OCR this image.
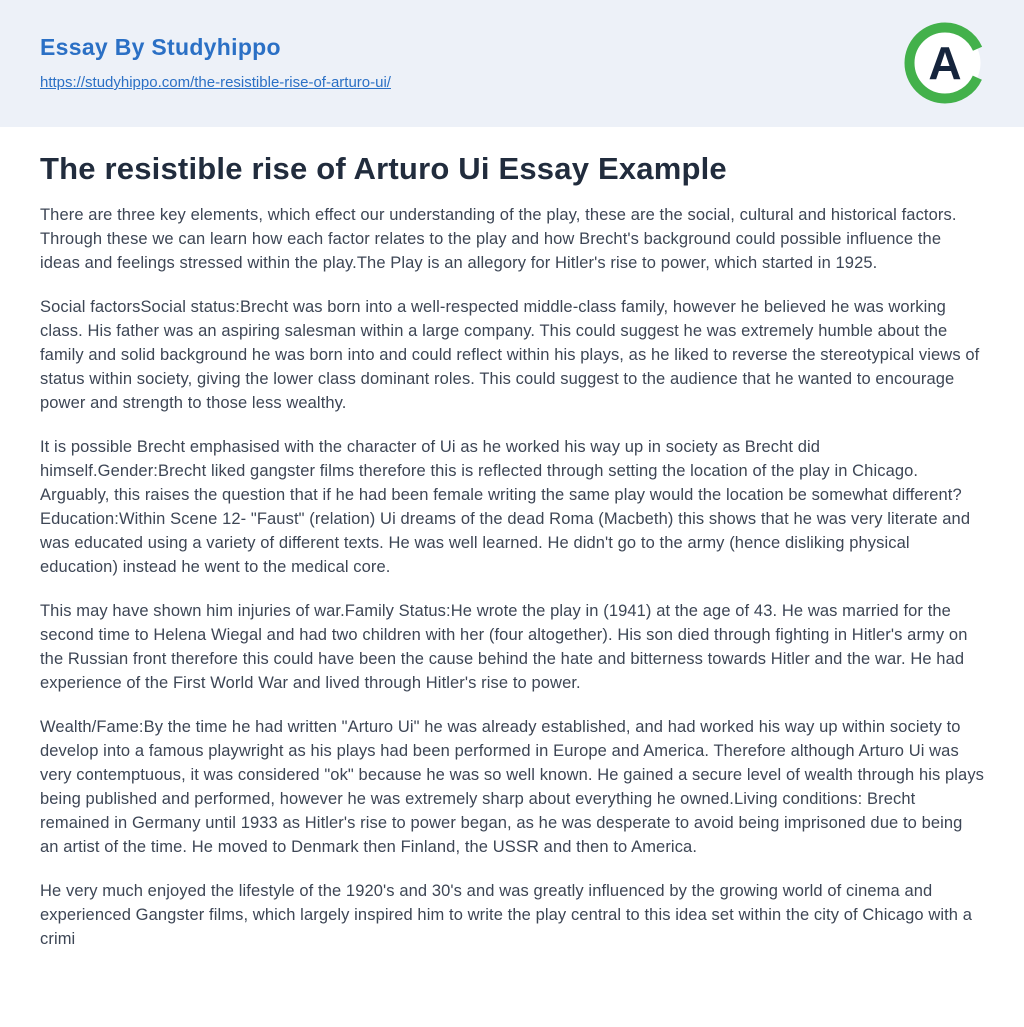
Essay By Studyhippo
https://studyhippo.com/the-resistible-rise-of-arturo-ui/	A
The resistible rise of Arturo Ui Essay Example

There are three key elements, which effect our understanding of the play, these are the social, cultural and historical factors. Through these we can learn how each factor relates to the play and how Brecht's background could possible influence the ideas and feelings stressed within the play.The Play is an allegory for Hitler's rise to power, which started in 1925.

Social factorsSocial status:Brecht was born into a well-respected middle-class family, however he believed he was working class. His father was an aspiring salesman within a large company. This could suggest he was extremely humble about the family and solid background he was born into and could reflect within his plays, as he liked to reverse the stereotypical views of status within society, giving the lower class dominant roles. This could suggest to the audience that he wanted to encourage power and strength to those less wealthy.

It is possible Brecht emphasised with the character of Ui as he worked his way up in society as Brecht did himself.Gender:Brecht liked gangster films therefore this is reflected through setting the location of the play in Chicago. Arguably, this raises the question that if he had been female writing the same play would the location be somewhat different?Education:Within Scene 12- "Faust" (relation) Ui dreams of the dead Roma (Macbeth) this shows that he was very literate and was educated using a variety of different texts. He was well learned. He didn't go to the army (hence disliking physical education) instead he went to the medical core.

This may have shown him injuries of war.Family Status:He wrote the play in (1941) at the age of 43. He was married for the second time to Helena Wiegal and had two children with her (four altogether). His son died through fighting in Hitler's army on the Russian front therefore this could have been the cause behind the hate and bitterness towards Hitler and the war. He had experience of the First World War and lived through Hitler's rise to power.

Wealth/Fame:By the time he had written "Arturo Ui" he was already established, and had worked his way up within society to develop into a famous playwright as his plays had been performed in Europe and America. Therefore although Arturo Ui was very contemptuous, it was considered "ok" because he was so well known. He gained a secure level of wealth through his plays being published and performed, however he was extremely sharp about everything he owned.Living conditions: Brecht remained in Germany until 1933 as Hitler's rise to power began, as he was desperate to avoid being imprisoned due to being an artist of the time. He moved to Denmark then Finland, the USSR and then to America.

He very much enjoyed the lifestyle of the 1920's and 30's and was greatly influenced by the growing world of cinema and experienced Gangster films, which largely inspired him to write the play central to this idea set within the city of Chicago with a crimi
